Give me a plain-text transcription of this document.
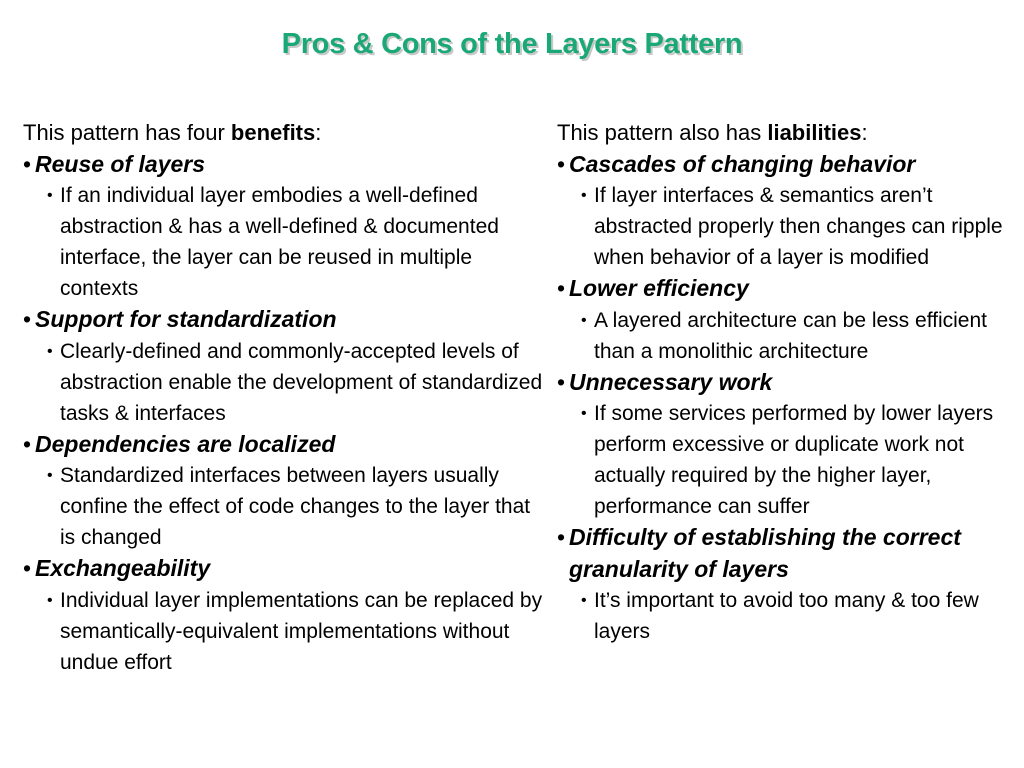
Pros & Cons of the Layers Pattern

This pattern has four benefits:

• Reuse of layers
• If an individual layer embodies a well-defined abstraction & has a well-defined & documented interface, the layer can be reused in multiple contexts
• Support for standardization
• Clearly-defined and commonly-accepted levels of abstraction enable the development of standardized tasks & interfaces
• Dependencies are localized
• Standardized interfaces between layers usually confine the effect of code changes to the layer that is changed
• Exchangeability
• Individual layer implementations can be replaced by semantically-equivalent implementations without undue effort

This pattern also has liabilities:

• Cascades of changing behavior
• If layer interfaces & semantics aren’t abstracted properly then changes can ripple when behavior of a layer is modified
• Lower efficiency
• A layered architecture can be less efficient than a monolithic architecture
• Unnecessary work
• If some services performed by lower layers perform excessive or duplicate work not actually required by the higher layer, performance can suffer
• Difficulty of establishing the correct granularity of layers
• It’s important to avoid too many & too few layers
